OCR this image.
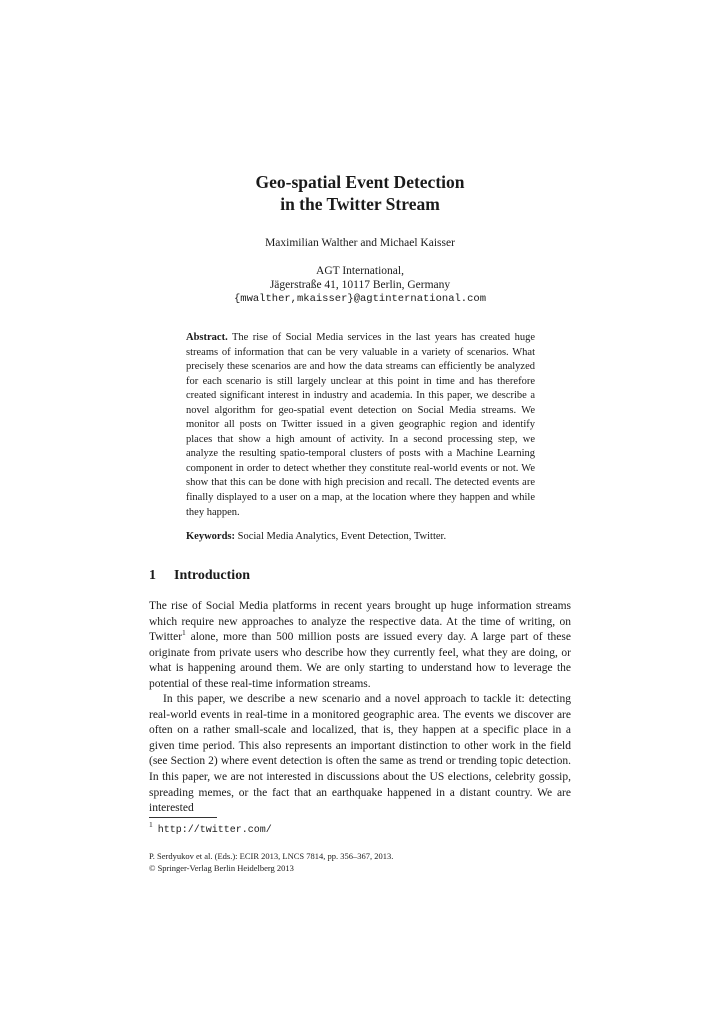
Geo-spatial Event Detection
in the Twitter Stream
Maximilian Walther and Michael Kaisser
AGT International,
Jägerstraße 41, 10117 Berlin, Germany
{mwalther,mkaisser}@agtinternational.com
Abstract. The rise of Social Media services in the last years has created huge streams of information that can be very valuable in a variety of scenarios. What precisely these scenarios are and how the data streams can efficiently be analyzed for each scenario is still largely unclear at this point in time and has therefore created significant interest in industry and academia. In this paper, we describe a novel algorithm for geo-spatial event detection on Social Media streams. We monitor all posts on Twitter issued in a given geographic region and identify places that show a high amount of activity. In a second processing step, we analyze the resulting spatio-temporal clusters of posts with a Machine Learning component in order to detect whether they constitute real-world events or not. We show that this can be done with high precision and recall. The detected events are finally displayed to a user on a map, at the location where they happen and while they happen.
Keywords: Social Media Analytics, Event Detection, Twitter.
1 Introduction

The rise of Social Media platforms in recent years brought up huge information streams which require new approaches to analyze the respective data. At the time of writing, on Twitter$^1$ alone, more than 500 million posts are issued every day. A large part of these originate from private users who describe how they currently feel, what they are doing, or what is happening around them. We are only starting to understand how to leverage the potential of these real-time information streams.

In this paper, we describe a new scenario and a novel approach to tackle it: detecting real-world events in real-time in a monitored geographic area. The events we discover are often on a rather small-scale and localized, that is, they happen at a specific place in a given time period. This also represents an important distinction to other work in the field (see Section 2) where event detection is often the same as trend or trending topic detection. In this paper, we are not interested in discussions about the US elections, celebrity gossip, spreading memes, or the fact that an earthquake happened in a distant country. We are interested

$^1$  http://twitter.com/
P. Serdyukov et al. (Eds.): ECIR 2013, LNCS 7814, pp. 356–367, 2013.
© Springer-Verlag Berlin Heidelberg 2013
